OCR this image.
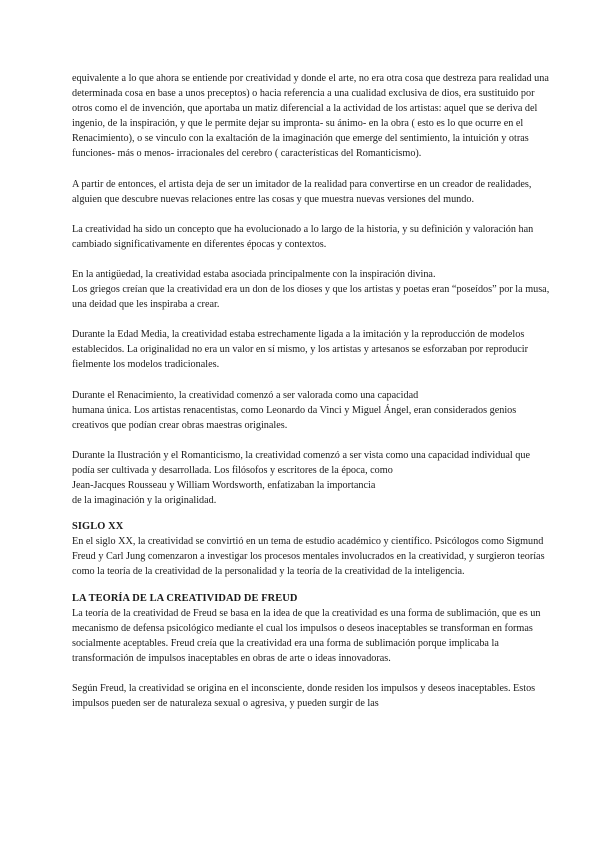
equivalente a lo que ahora se entiende por creatividad y donde el arte, no era otra cosa que destreza para realidad una determinada cosa en base a unos preceptos) o hacia referencia a una cualidad exclusiva de dios, era sustituido por otros como el de invención, que aportaba un matiz diferencial a la actividad de los artistas: aquel que se deriva del ingenio, de la inspiración, y que le permite dejar su impronta- su ánimo- en la obra ( esto es lo que ocurre en el Renacimiento), o se vinculo con la exaltación de la imaginación que emerge del sentimiento, la intuición y otras funciones- más o menos- irracionales del cerebro ( características del Romanticismo).

A partir de entonces, el artista deja de ser un imitador de la realidad para convertirse en un creador de realidades, alguien que descubre nuevas relaciones entre las cosas y que muestra nuevas versiones del mundo.

La creatividad ha sido un concepto que ha evolucionado a lo largo de la historia, y su definición y valoración han cambiado significativamente en diferentes épocas y contextos.

En la antigüedad, la creatividad estaba asociada principalmente con la inspiración divina.

Los griegos creían que la creatividad era un don de los dioses y que los artistas y poetas eran “poseídos” por la musa, una deidad que les inspiraba a crear.

Durante la Edad Media, la creatividad estaba estrechamente ligada a la imitación y la reproducción de modelos establecidos. La originalidad no era un valor en sí mismo, y los artistas y artesanos se esforzaban por reproducir fielmente los modelos tradicionales.

Durante el Renacimiento, la creatividad comenzó a ser valorada como una capacidad

humana única. Los artistas renacentistas, como Leonardo da Vinci y Miguel Ángel, eran considerados genios creativos que podían crear obras maestras originales.

Durante la Ilustración y el Romanticismo, la creatividad comenzó a ser vista como una capacidad individual que podía ser cultivada y desarrollada. Los filósofos y escritores de la época, como

Jean-Jacques Rousseau y William Wordsworth, enfatizaban la importancia

de la imaginación y la originalidad.

SIGLO XX

En el siglo XX, la creatividad se convirtió en un tema de estudio académico y científico. Psicólogos como Sigmund Freud y Carl Jung comenzaron a investigar los procesos mentales involucrados en la creatividad, y surgieron teorías como la teoría de la creatividad de la personalidad y la teoría de la creatividad de la inteligencia.

LA TEORÍA DE LA CREATIVIDAD DE FREUD

La teoría de la creatividad de Freud se basa en la idea de que la creatividad es una forma de sublimación, que es un mecanismo de defensa psicológico mediante el cual los impulsos o deseos inaceptables se transforman en formas socialmente aceptables. Freud creía que la creatividad era una forma de sublimación porque implicaba la transformación de impulsos inaceptables en obras de arte o ideas innovadoras.

Según Freud, la creatividad se origina en el inconsciente, donde residen los impulsos y deseos inaceptables. Estos impulsos pueden ser de naturaleza sexual o agresiva, y pueden surgir de las
